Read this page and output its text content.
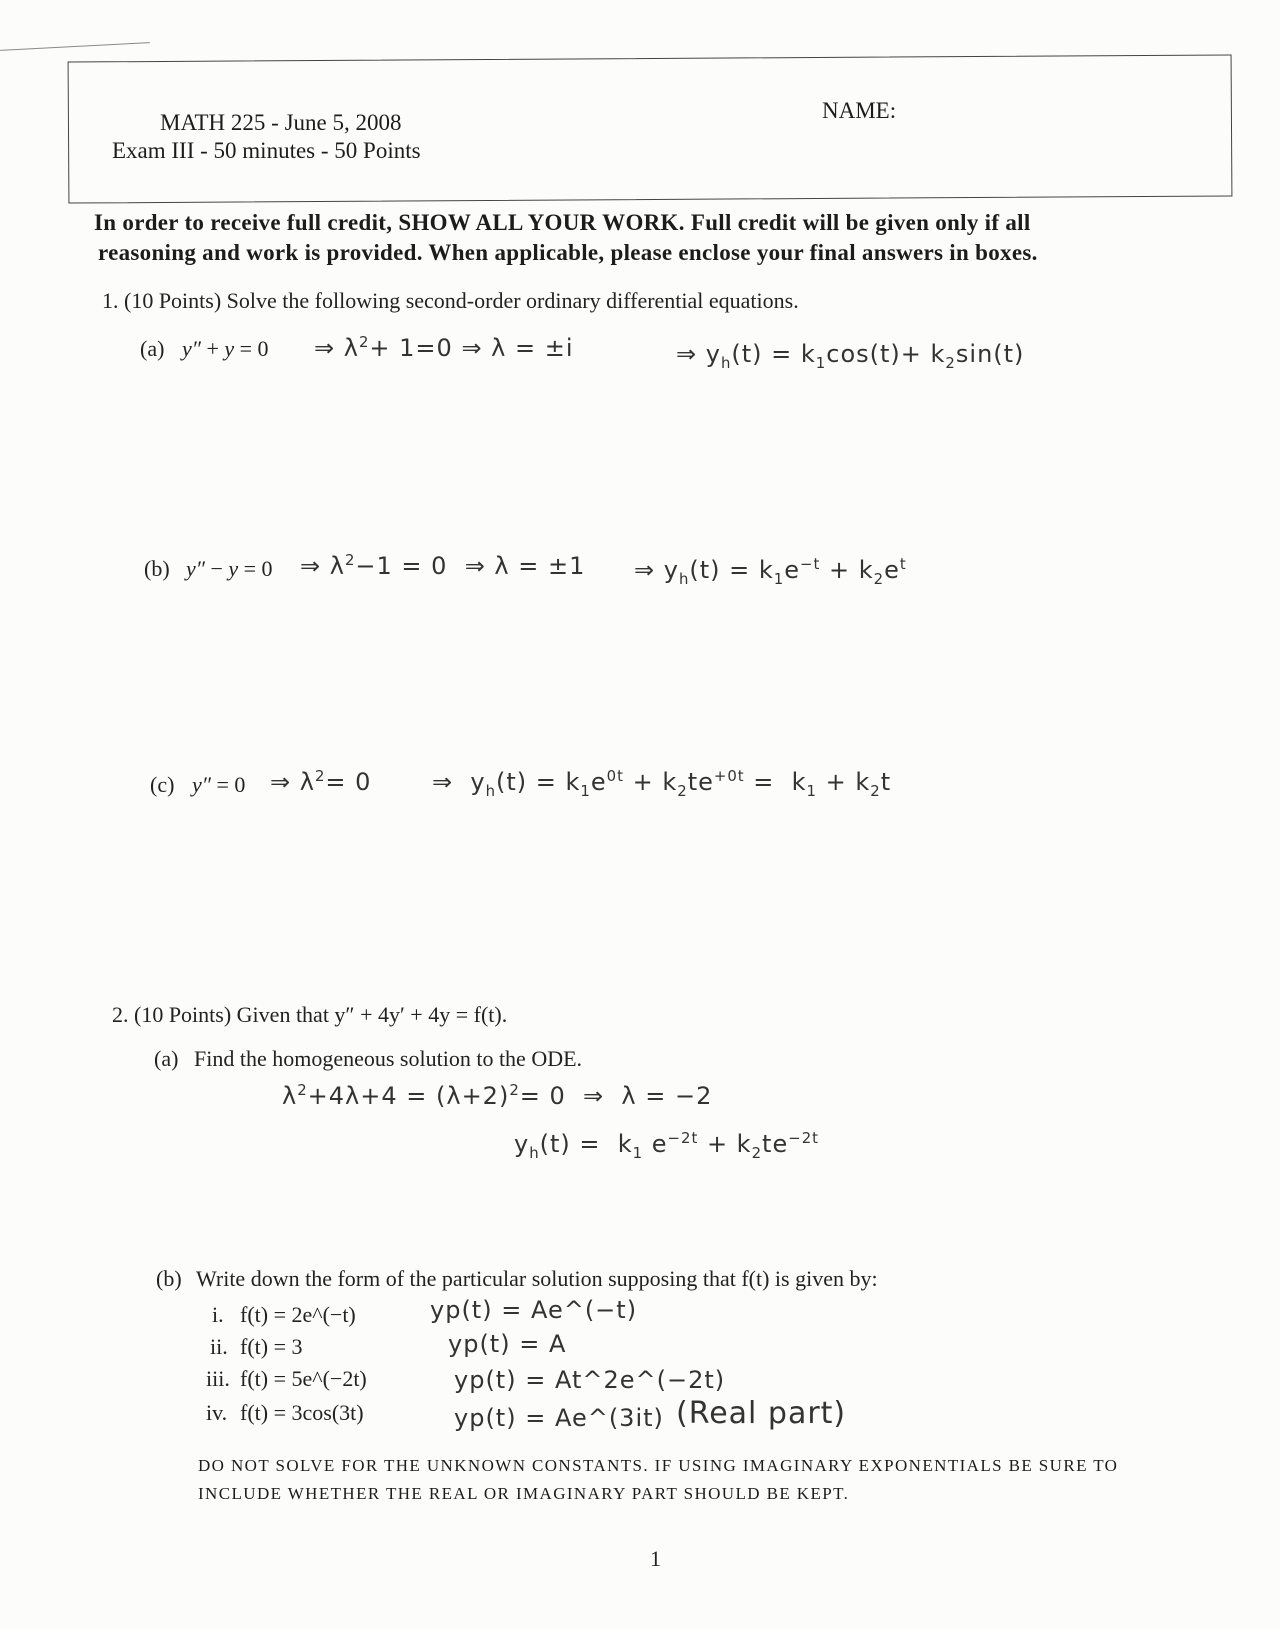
MATH 225 - June 5, 2008
Exam III - 50 minutes - 50 Points
NAME:
In order to receive full credit, SHOW ALL YOUR WORK. Full credit will be given only if all
reasoning and work is provided. When applicable, please enclose your final answers in boxes.
1. (10 Points) Solve the following second-order ordinary differential equations.
(a) y″ + y = 0 ⇒ $\lambda^2+ 1=0$ ⇒ λ = ±i	⇒ $y_h(t) = k_1\cos(t)+ k_2\sin(t)$
(b) y″ − y = 0 ⇒ $\lambda^2-1 = 0$  ⇒ λ = ±1 ⇒ $y_h(t) = k_1e^{-t} + k_2e^t$
(c) y″ = 0 ⇒ $\lambda^2= 0$	⇒  $y_h(t) = k_1e^{0t} + k_2te^{+0t} = k_1 + k_2t$
2. (10 Points) Given that y″ + 4y′ + 4y = f(t).
(a) Find the homogeneous solution to the ODE.
$\lambda^2+4\lambda+4 = (\lambda+2)^2= 0$  ⇒  λ = −2
$y_h(t) = k_1$ $e^{-2t} + k_2te^{-2t}$
(b) Write down the form of the particular solution supposing that f(t) is given by:
i. f(t) = 2e^(−t)	yp(t) = Ae^(−t)
ii. f(t) = 3	yp(t) = A
iii. f(t) = 5e^(−2t)	yp(t) = At^2e^(−2t)
iv. f(t) = 3cos(3t)	yp(t) = Ae^(3it) (Real part)
DO NOT SOLVE FOR THE UNKNOWN CONSTANTS. IF USING IMAGINARY EXPONENTIALS BE SURE TO
INCLUDE WHETHER THE REAL OR IMAGINARY PART SHOULD BE KEPT.
1
